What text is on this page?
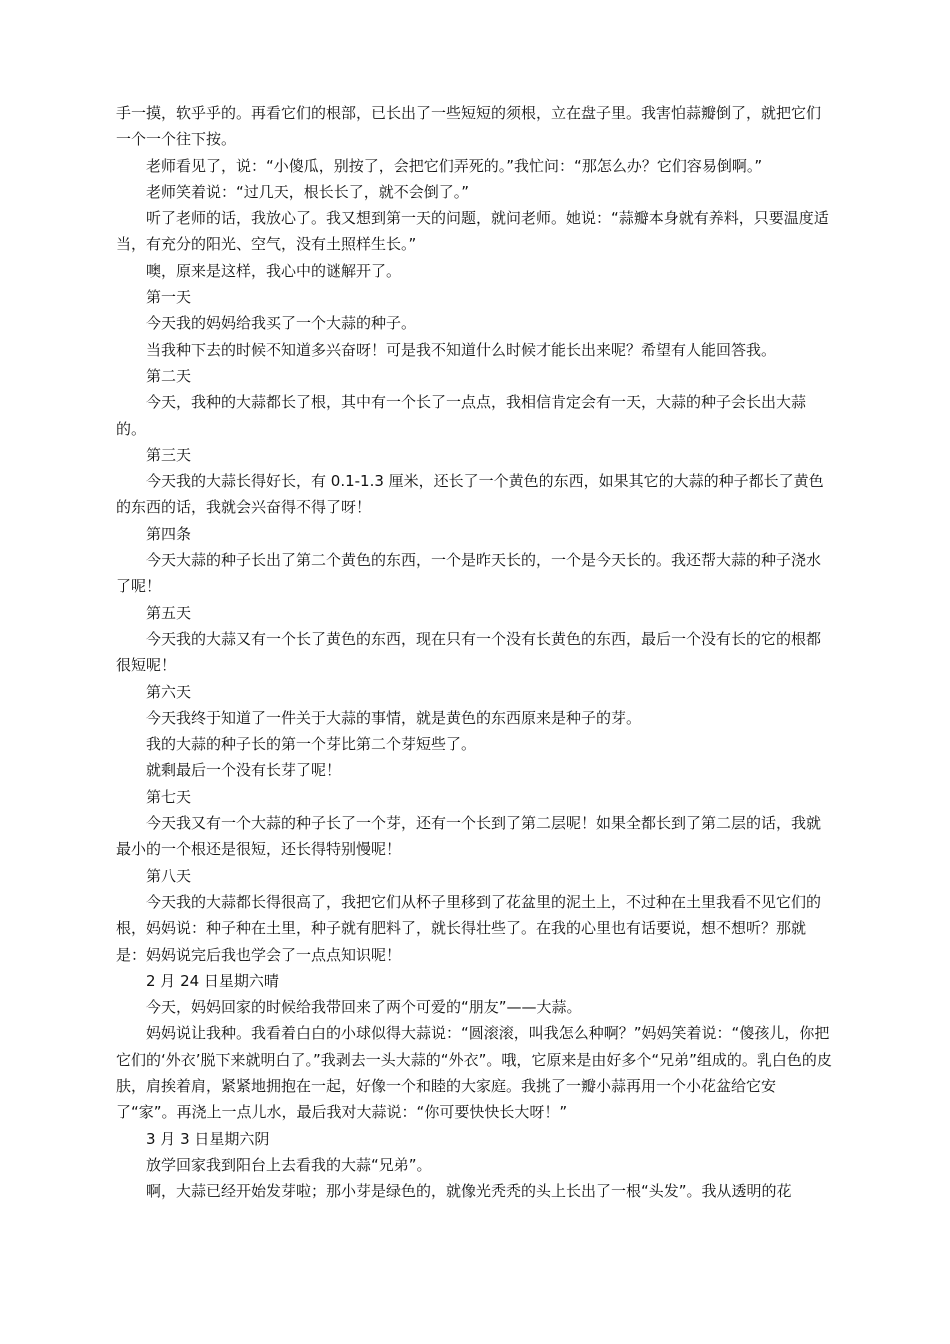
手一摸，软乎乎的。再看它们的根部，已长出了一些短短的须根，立在盘子里。我害怕蒜瓣倒了，就把它们一个一个往下按。

老师看见了，说：“小傻瓜，别按了，会把它们弄死的。”我忙问：“那怎么办？它们容易倒啊。”

老师笑着说：“过几天，根长长了，就不会倒了。”

听了老师的话，我放心了。我又想到第一天的问题，就问老师。她说：“蒜瓣本身就有养料，只要温度适当，有充分的阳光、空气，没有土照样生长。”

噢，原来是这样，我心中的谜解开了。

第一天

今天我的妈妈给我买了一个大蒜的种子。

当我种下去的时候不知道多兴奋呀！可是我不知道什么时候才能长出来呢？希望有人能回答我。

第二天

今天，我种的大蒜都长了根，其中有一个长了一点点，我相信肯定会有一天，大蒜的种子会长出大蒜的。

第三天

今天我的大蒜长得好长，有 0.1-1.3 厘米，还长了一个黄色的东西，如果其它的大蒜的种子都长了黄色的东西的话，我就会兴奋得不得了呀！

第四条

今天大蒜的种子长出了第二个黄色的东西，一个是昨天长的，一个是今天长的。我还帮大蒜的种子浇水了呢！

第五天

今天我的大蒜又有一个长了黄色的东西，现在只有一个没有长黄色的东西，最后一个没有长的它的根都很短呢！

第六天

今天我终于知道了一件关于大蒜的事情，就是黄色的东西原来是种子的芽。

我的大蒜的种子长的第一个芽比第二个芽短些了。

就剩最后一个没有长芽了呢！

第七天

今天我又有一个大蒜的种子长了一个芽，还有一个长到了第二层呢！如果全都长到了第二层的话，我就最小的一个根还是很短，还长得特别慢呢！

第八天

今天我的大蒜都长得很高了，我把它们从杯子里移到了花盆里的泥土上，不过种在土里我看不见它们的根，妈妈说：种子种在土里，种子就有肥料了，就长得壮些了。在我的心里也有话要说，想不想听？那就是：妈妈说完后我也学会了一点点知识呢！

2 月 24 日星期六晴

今天，妈妈回家的时候给我带回来了两个可爱的“朋友”——大蒜。

妈妈说让我种。我看着白白的小球似得大蒜说：“圆滚滚，叫我怎么种啊？”妈妈笑着说：“傻孩儿，你把它们的‘外衣’脱下来就明白了。”我剥去一头大蒜的“外衣”。哦，它原来是由好多个“兄弟”组成的。乳白色的皮肤，肩挨着肩，紧紧地拥抱在一起，好像一个和睦的大家庭。我挑了一瓣小蒜再用一个小花盆给它安了“家”。再浇上一点儿水，最后我对大蒜说：“你可要快快长大呀！”

3 月 3 日星期六阴

放学回家我到阳台上去看我的大蒜“兄弟”。

啊，大蒜已经开始发芽啦；那小芽是绿色的，就像光秃秃的头上长出了一根“头发”。我从透明的花
